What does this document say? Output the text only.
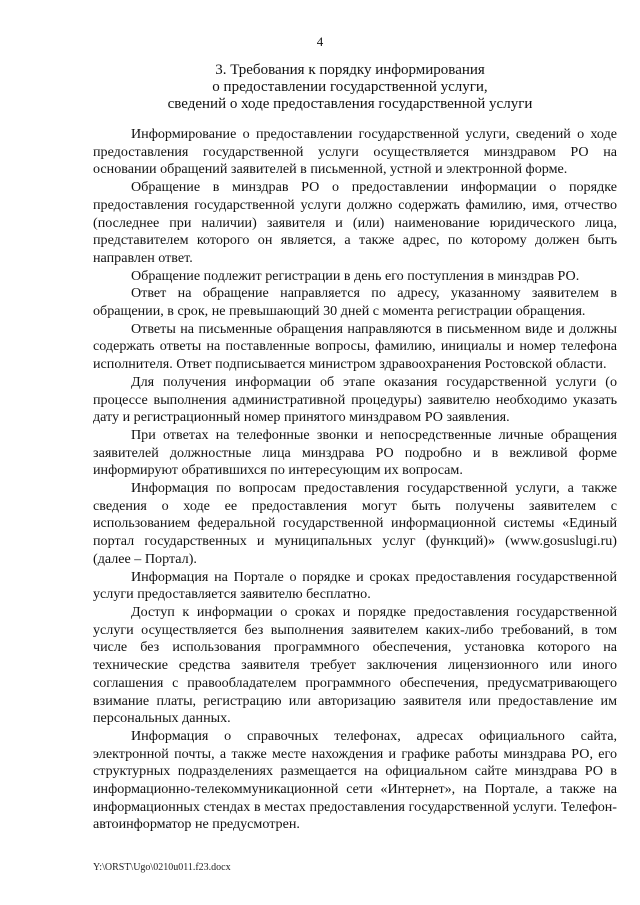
4
3. Требования к порядку информирования
о предоставлении государственной услуги,
сведений о ходе предоставления государственной услуги

Информирование о предоставлении государственной услуги, сведений о ходе предоставления государственной услуги осуществляется минздравом РО на основании обращений заявителей в письменной, устной и электронной форме.

Обращение в минздрав РО о предоставлении информации о порядке предоставления государственной услуги должно содержать фамилию, имя, отчество (последнее при наличии) заявителя и (или) наименование юридического лица, представителем которого он является, а также адрес, по которому должен быть направлен ответ.

Обращение подлежит регистрации в день его поступления в минздрав РО.

Ответ на обращение направляется по адресу, указанному заявителем в обращении, в срок, не превышающий 30 дней с момента регистрации обращения.

Ответы на письменные обращения направляются в письменном виде и должны содержать ответы на поставленные вопросы, фамилию, инициалы и номер телефона исполнителя. Ответ подписывается министром здравоохранения Ростовской области.

Для получения информации об этапе оказания государственной услуги (о процессе выполнения административной процедуры) заявителю необходимо указать дату и регистрационный номер принятого минздравом РО заявления.

При ответах на телефонные звонки и непосредственные личные обращения заявителей должностные лица минздрава РО подробно и в вежливой форме информируют обратившихся по интересующим их вопросам.

Информация по вопросам предоставления государственной услуги, а также сведения о ходе ее предоставления могут быть получены заявителем с использованием федеральной государственной информационной системы «Единый портал государственных и муниципальных услуг (функций)» (www.gosuslugi.ru) (далее – Портал).

Информация на Портале о порядке и сроках предоставления государственной услуги предоставляется заявителю бесплатно.

Доступ к информации о сроках и порядке предоставления государственной услуги осуществляется без выполнения заявителем каких-либо требований, в том числе без использования программного обеспечения, установка которого на технические средства заявителя требует заключения лицензионного или иного соглашения с правообладателем программного обеспечения, предусматривающего взимание платы, регистрацию или авторизацию заявителя или предоставление им персональных данных.

Информация о справочных телефонах, адресах официального сайта, электронной почты, а также месте нахождения и графике работы минздрава РО, его структурных подразделениях размещается на официальном сайте минздрава РО в информационно-телекоммуникационной сети «Интернет», на Портале, а также на информационных стендах в местах предоставления государственной услуги. Телефон-автоинформатор не предусмотрен.

Y:\ORST\Ugo\0210u011.f23.docx
